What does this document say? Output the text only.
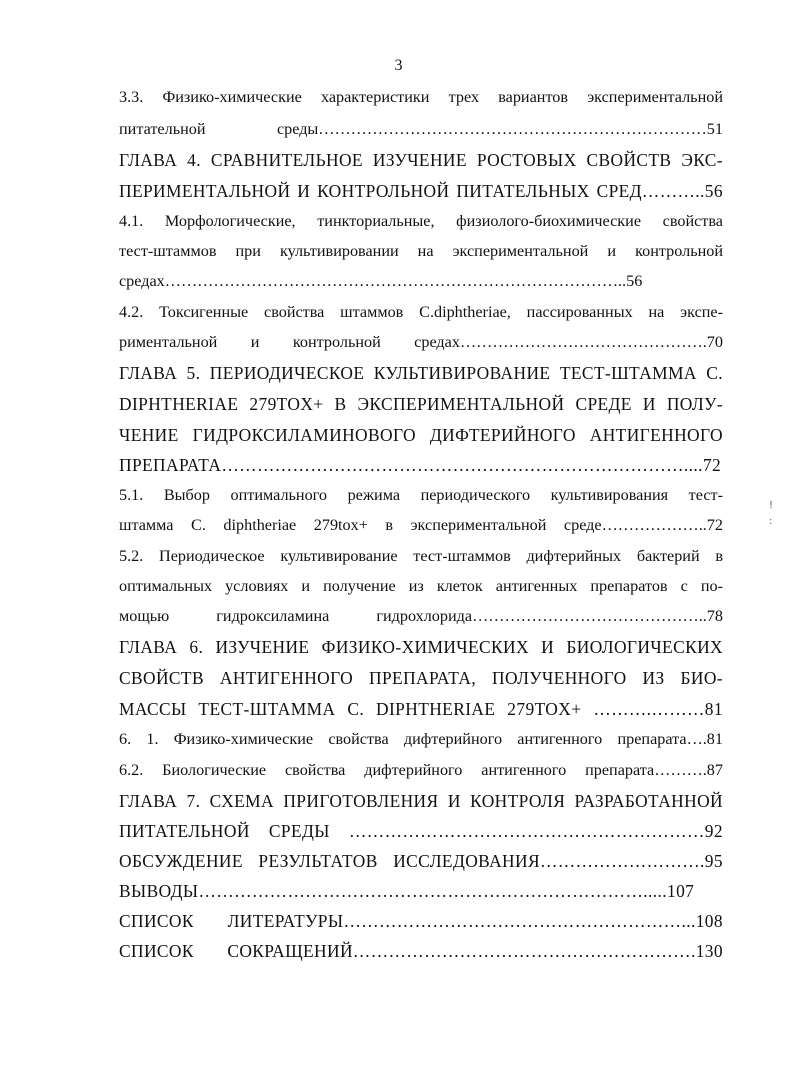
3
3.3. Физико-химические характеристики трех вариантов экспериментальной
питательной среды………………………………………………………………51
ГЛАВА 4. СРАВНИТЕЛЬНОЕ ИЗУЧЕНИЕ РОСТОВЫХ СВОЙСТВ ЭКС-
ПЕРИМЕНТАЛЬНОЙ И КОНТРОЛЬНОЙ ПИТАТЕЛЬНЫХ СРЕД………..56
4.1. Морфологические, тинкториальные, физиолого-биохимические свойства
тест-штаммов при культивировании на экспериментальной и контрольной
средах…………………………………………………………………………..56
4.2. Токсигенные свойства штаммов C.diphtheriae, пассированных на экспе-
риментальной и контрольной средах……………………………………….70
ГЛАВА 5. ПЕРИОДИЧЕСКОЕ КУЛЬТИВИРОВАНИЕ ТЕСТ-ШТАММА C.
DIPHTHERIAE 279TOX+ В ЭКСПЕРИМЕНТАЛЬНОЙ СРЕДЕ И ПОЛУ-
ЧЕНИЕ ГИДРОКСИЛАМИНОВОГО ДИФТЕРИЙНОГО АНТИГЕННОГО
ПРЕПАРАТА……………………………………………………………………....72
5.1. Выбор оптимального режима периодического культивирования тест-
штамма C. diphtheriae 279tox+ в экспериментальной среде………………..72
5.2. Периодическое культивирование тест-штаммов дифтерийных бактерий в
оптимальных условиях и получение из клеток антигенных препаратов с по-
мощью гидроксиламина гидрохлорида……………………………………..78
ГЛАВА 6. ИЗУЧЕНИЕ ФИЗИКО-ХИМИЧЕСКИХ И БИОЛОГИЧЕСКИХ
СВОЙСТВ АНТИГЕННОГО ПРЕПАРАТА, ПОЛУЧЕННОГО ИЗ БИО-
МАССЫ ТЕСТ-ШТАММА C. DIPHTHERIAE 279TOX+ ……….………81
6. 1. Физико-химические свойства дифтерийного антигенного препарата….81
6.2. Биологические свойства дифтерийного антигенного препарата……….87
ГЛАВА 7. СХЕМА ПРИГОТОВЛЕНИЯ И КОНТРОЛЯ РАЗРАБОТАННОЙ
ПИТАТЕЛЬНОЙ СРЕДЫ ……………………………………………………92
ОБСУЖДЕНИЕ РЕЗУЛЬТАТОВ ИССЛЕДОВАНИЯ……………………….95
ВЫВОДЫ………………………………………………………………….....107
СПИСОК ЛИТЕРАТУРЫ…………………………………………………...108
СПИСОК СОКРАЩЕНИЙ………………………………………………….130
!
:
